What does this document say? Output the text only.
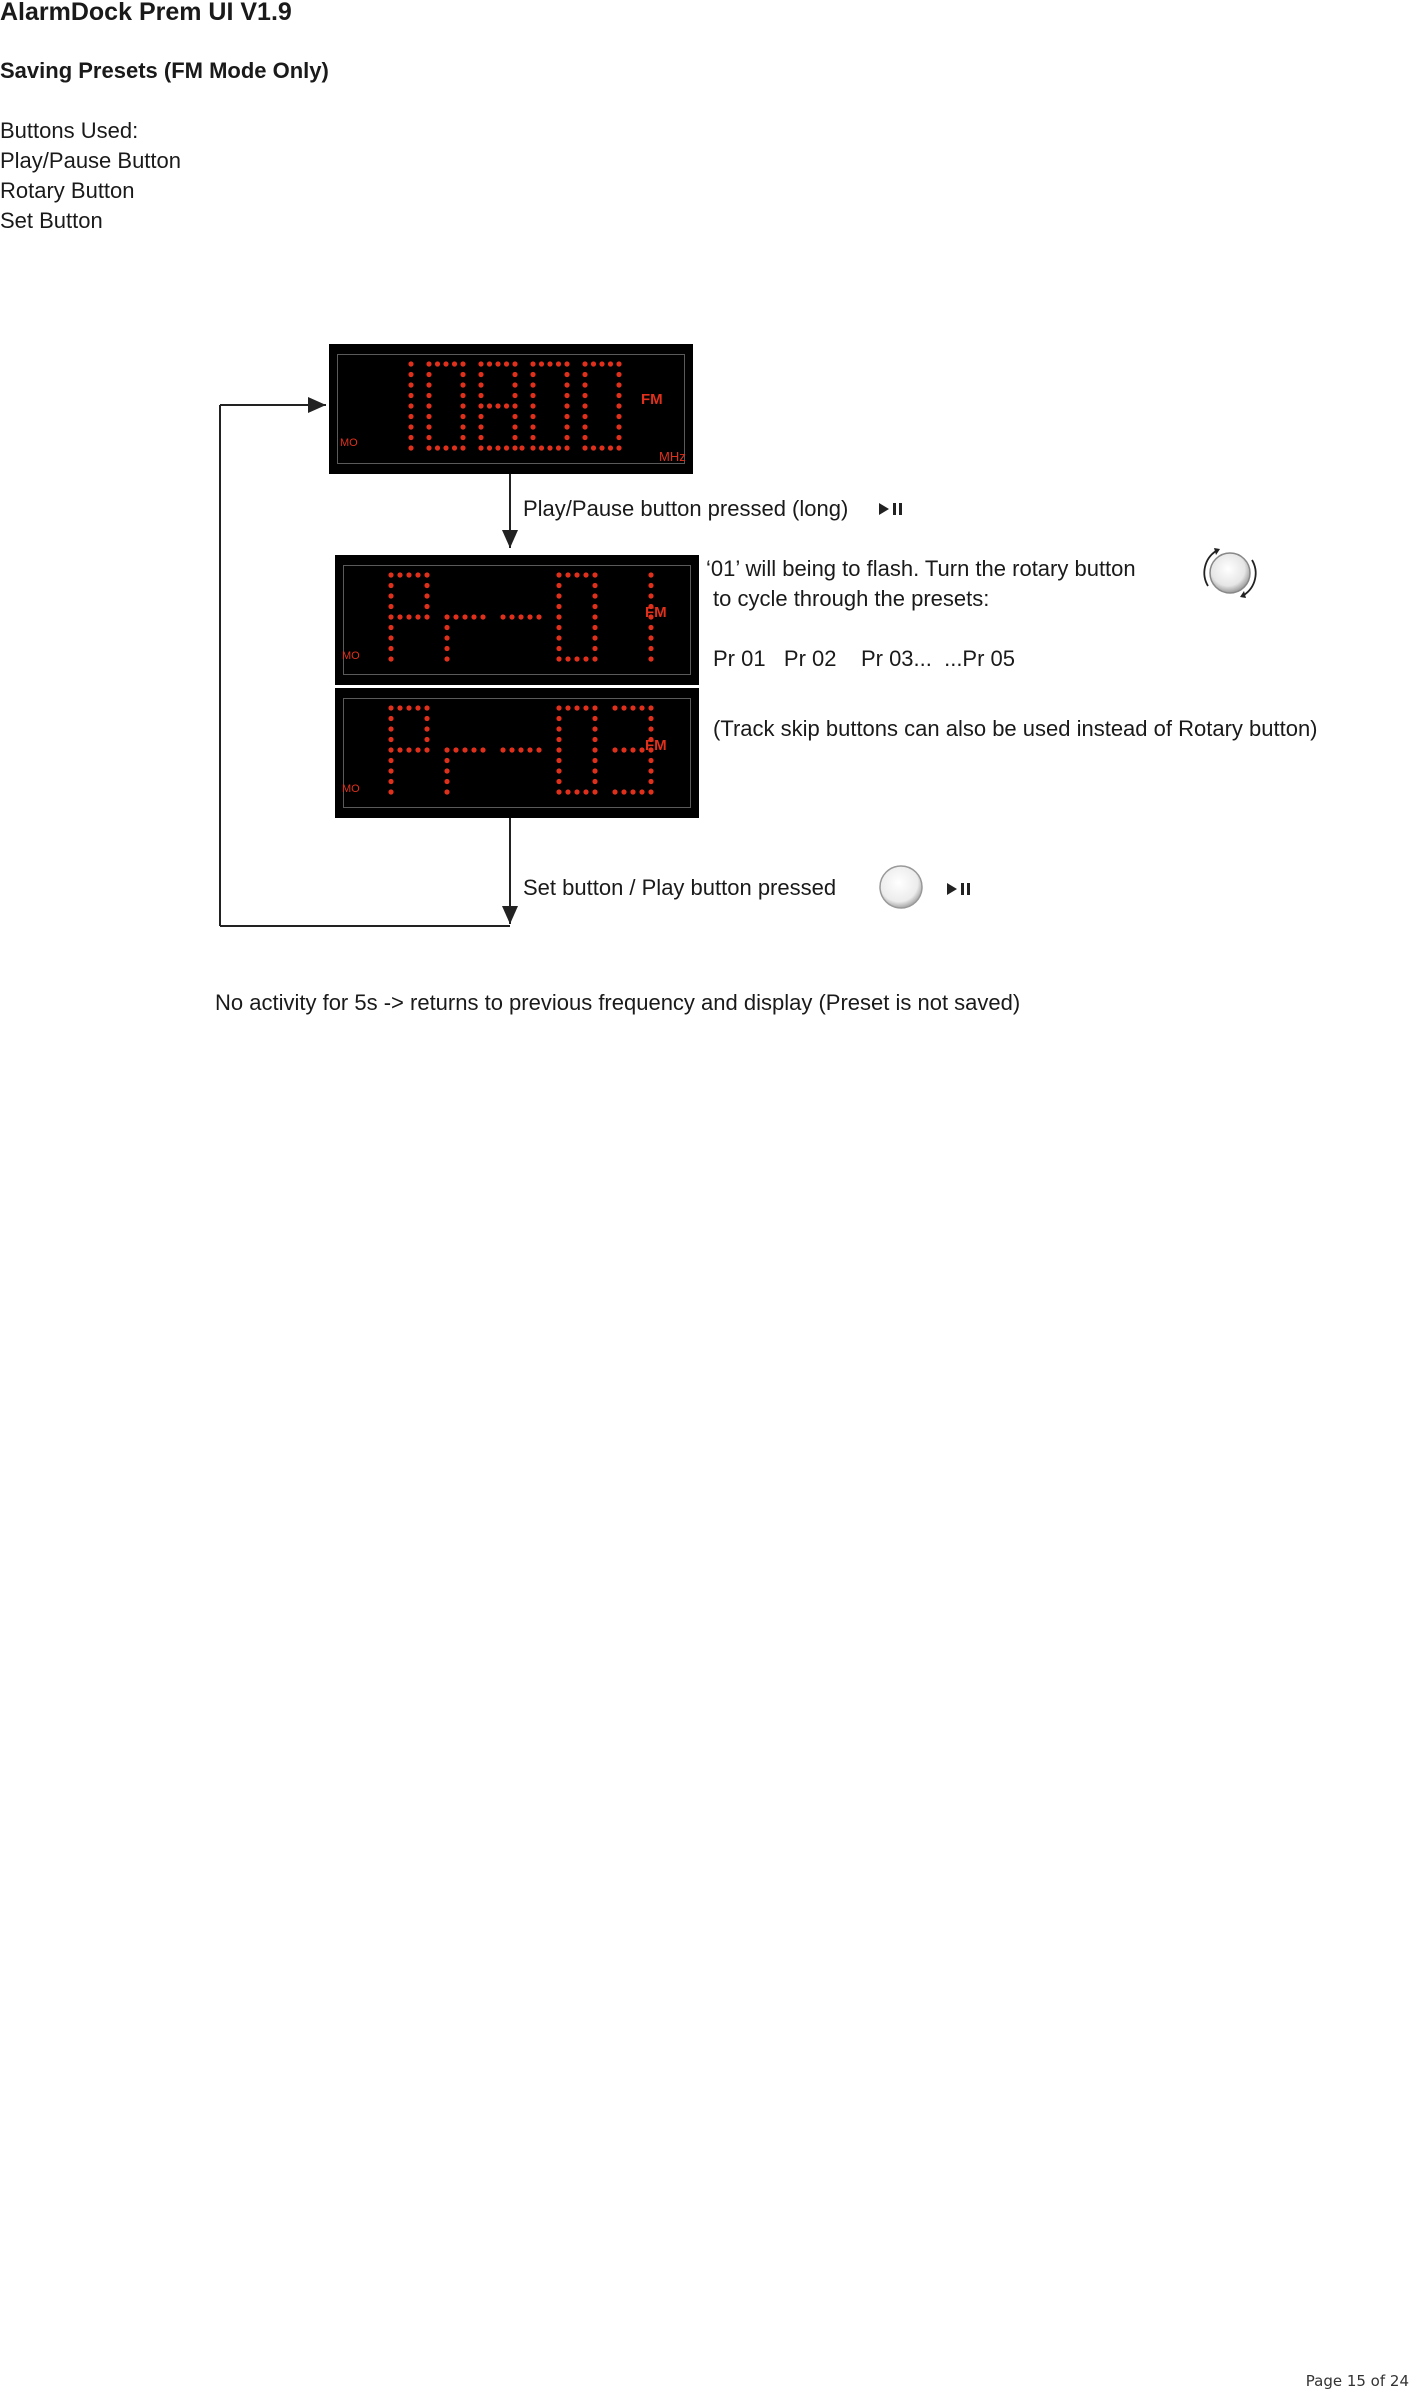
AlarmDock Prem UI V1.9
Saving Presets (FM Mode Only)
Buttons Used:
Play/Pause Button
Rotary Button
Set Button
FM
MO
MHz
FM
MO
FM
MO
Play/Pause button pressed (long)
‘01’ will being to flash. Turn the rotary button
to cycle through the presets:
Pr 01   Pr 02    Pr 03...  ...Pr 05
(Track skip buttons can also be used instead of Rotary button)
Set button / Play button pressed
No activity for 5s -> returns to previous frequency and display (Preset is not saved)
Page 15 of 24
